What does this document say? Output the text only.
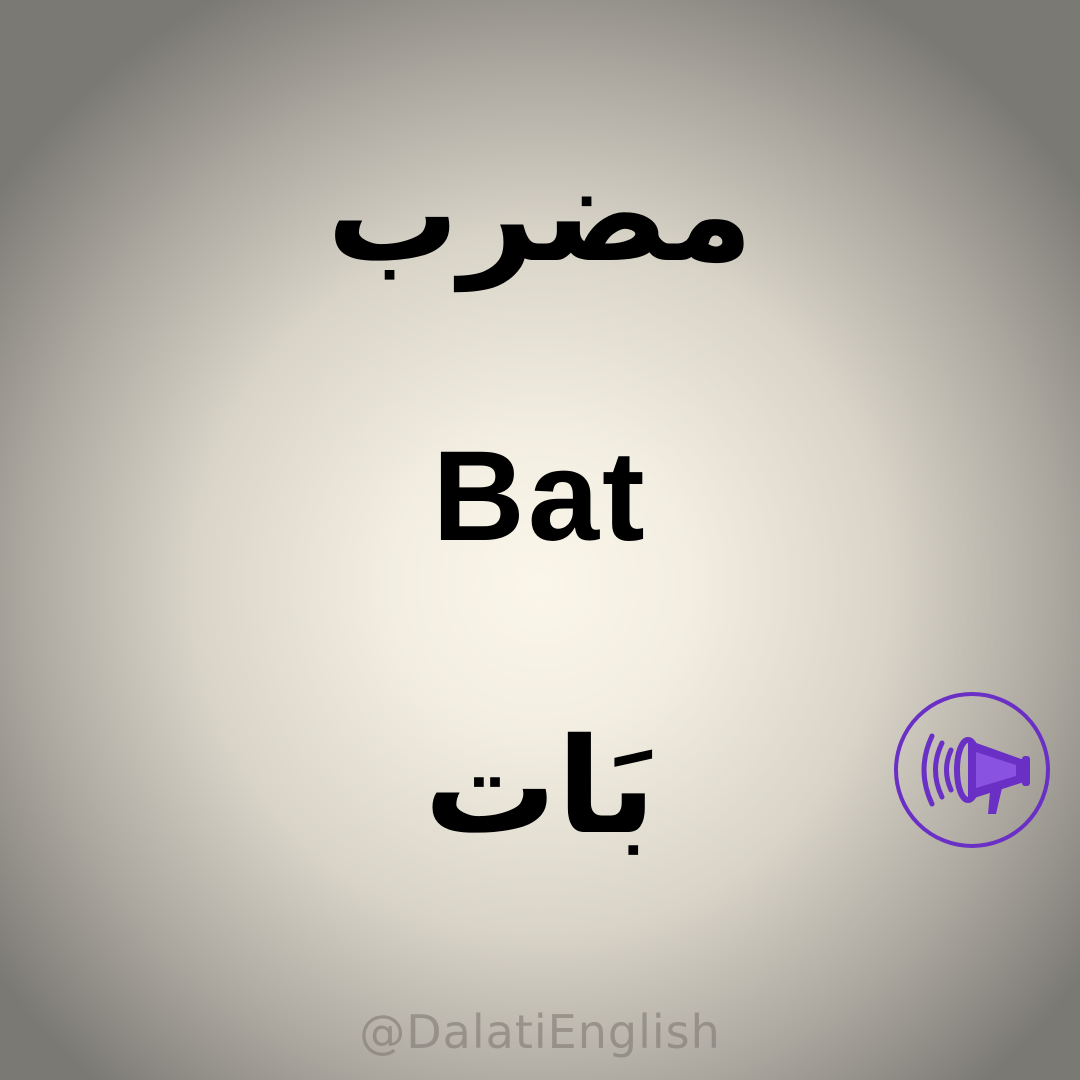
مضرب

Bat

بَات

@DalatiEnglish
